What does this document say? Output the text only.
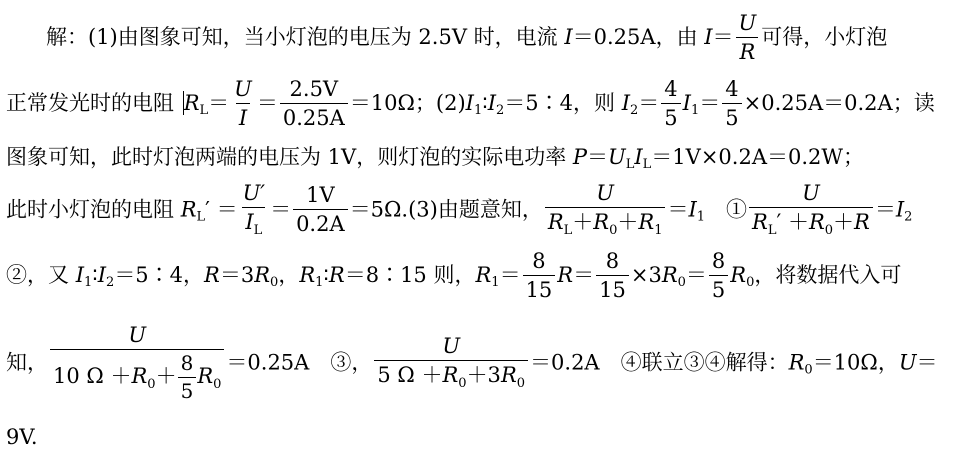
解：(1)由图象可知，当小灯泡的电压为 2.5V 时，电流 I＝0.25A，由 $I= \frac{U}{R}$ 可得，小灯泡
正常发光时的电阻 $R_L= \frac{U}{I} = \frac{2.5V}{0.25A} =10\Omega$；$(2)I_1∶I_2=5∶4$，则 $I_2= \frac{4}{5} I_1= \frac{4}{5} \times 0.25A=0.2A$；读
图象可知，此时灯泡两端的电压为 1V，则灯泡的实际电功率 $P=U_LI_L=1V\times 0.2A=0.2W$；
此时小灯泡的电阻 $R_L' = \frac{U'}{I_L} = \frac{1V}{0.2A} =5\Omega.(3)$由题意知， $\frac{U}{R_L+R_0+R_1} =I_1$　① $\frac{U}{R_L' +R_0+R} =I_2$
②，又 $I_1∶I_2=5∶4$，$R=3R_0$，$R_1∶R=8∶15$ 则，$R_1= \frac{8}{15} R= \frac{8}{15} \times 3R_0= \frac{8}{5} R_0$，将数据代入可
知， $\frac{U}{10 \Omega +R_0+ \frac{8}{5} R_0} =0.25A$　③， $\frac{U}{5 \Omega +R_0+3R_0} =0.2A$　④联立③④解得：$R_0=10\Omega$，U＝
9V.
